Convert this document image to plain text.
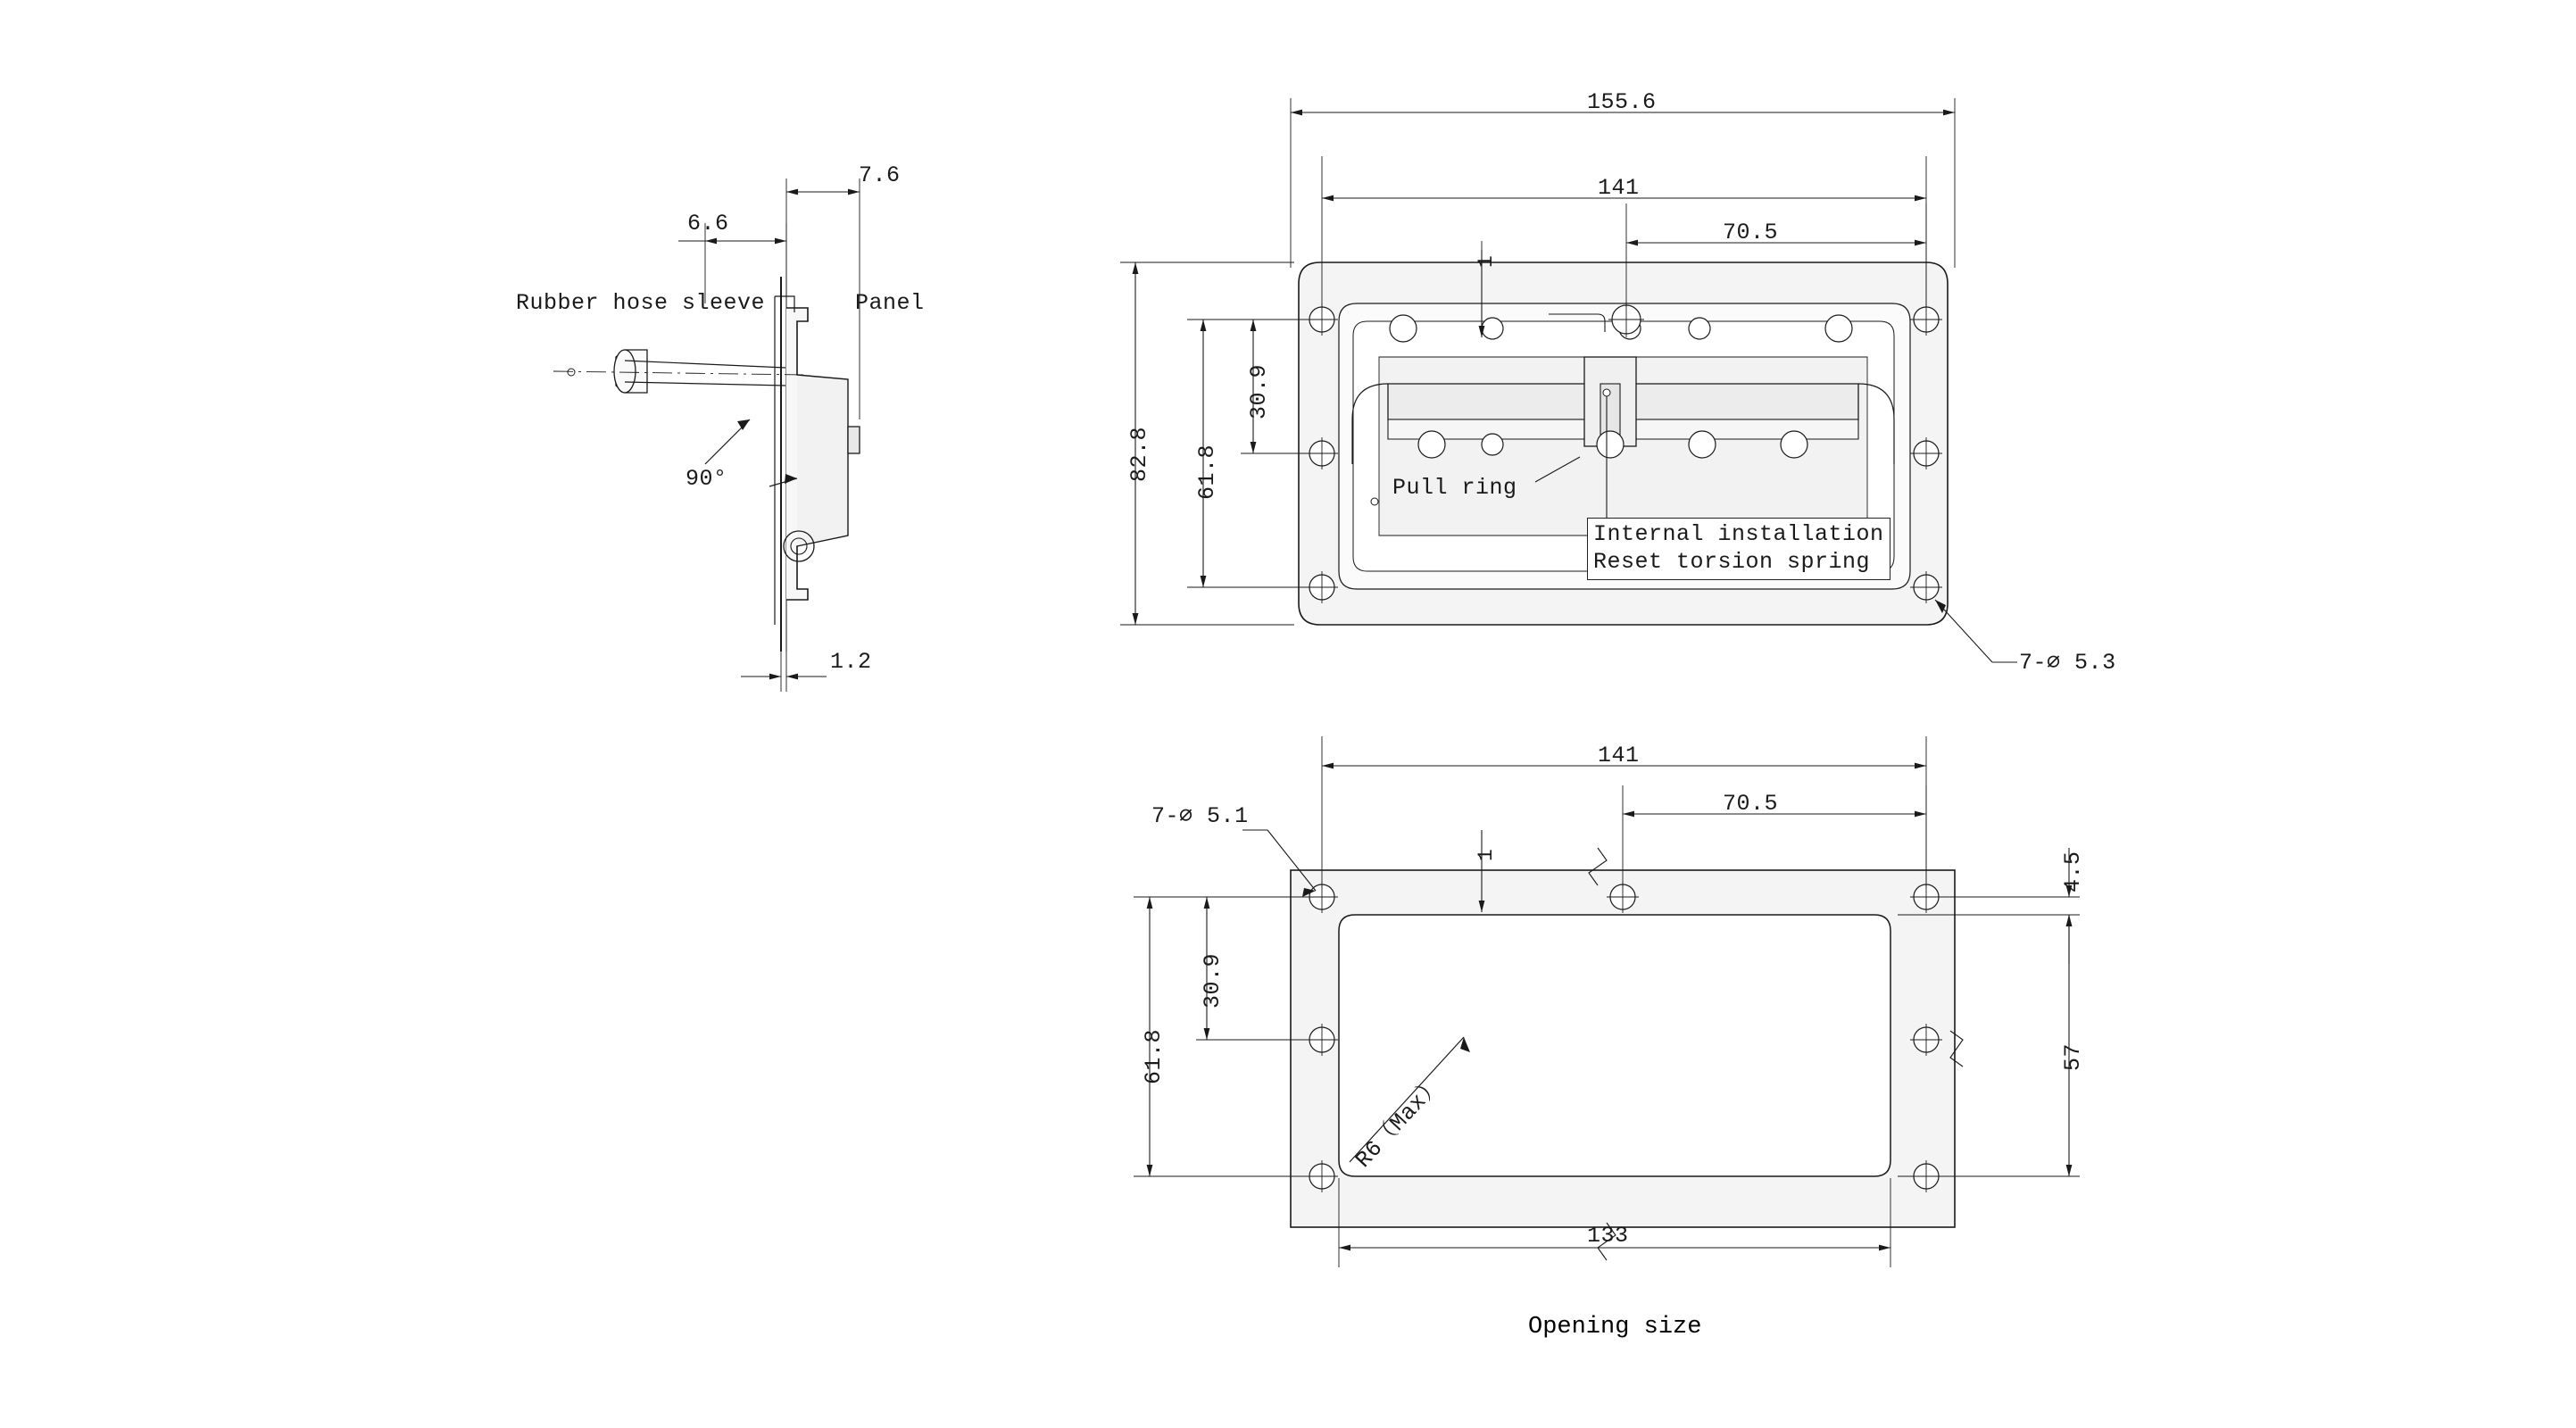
7.6
6.6
1.2
Rubber hose sleeve	Panel
90°
155.6
141
70.5
82.8 61.8
30.9
1
Pull ring
Internal installation
Reset torsion spring
7-⌀ 5.3
141
70.5
4.5
57
61.8
30.9
1
133
7-⌀ 5.1
R6（Max）
Opening size
